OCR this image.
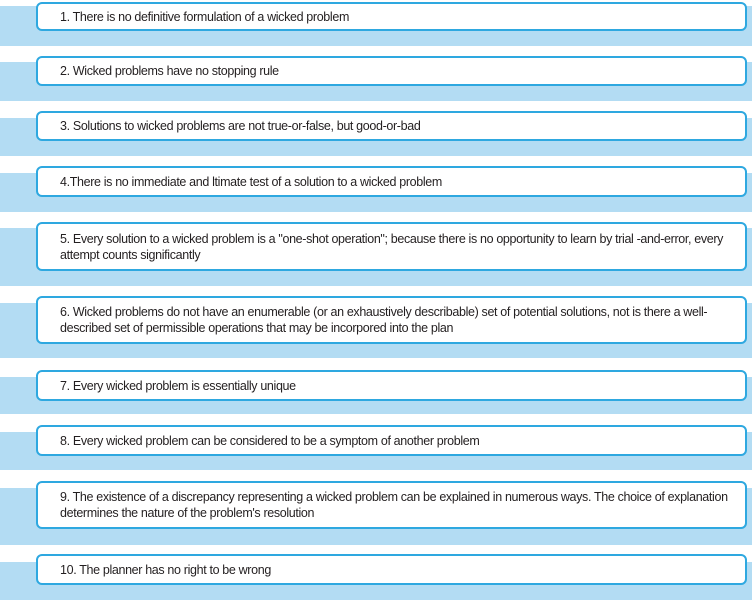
1. There is no definitive formulation of a wicked problem
2. Wicked problems have no stopping rule
3. Solutions to wicked problems are not true-or-false, but good-or-bad
4.There is no immediate and ltimate test of a solution to a wicked problem
5. Every solution to a wicked problem is a "one-shot operation"; because there is no opportunity to learn by trial -and-error, every attempt counts significantly
6. Wicked problems do not have an enumerable (or an exhaustively describable) set of potential solutions, not is there a well-described set of permissible operations that may be incorpored into the plan
7. Every wicked problem is essentially unique
8. Every wicked problem can be considered to be a symptom of another problem
9. The existence of a discrepancy representing a wicked problem can be explained in numerous ways. The choice of explanation determines the nature of the problem's resolution
10. The planner has no right to be wrong
